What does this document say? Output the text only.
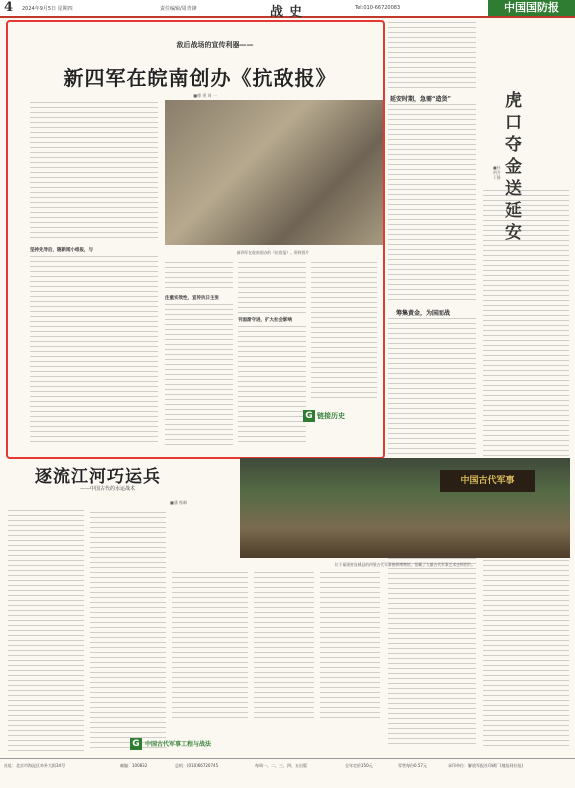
4 2024年9月5日 星期四	责任编辑/周青锋	战史	Tel:010-66720083	中国国防报
敌后战场的宣传利器——
新四军在皖南创办《抗敌报》
■傅 勇 周 一
坚持先导后，随新闻小组报，与	新四军在皖南创办的《抗敌报》。资料图片
注重实效性，宣传抗日主张
刊面渐守进，扩大社会影响
G 链接历史
延安时期，急需“造货”
筹集黄金，为国而战
虎口夺金送延安
■孙明乔 于静
逐流江河巧运兵
——中国古代的水运战术
■潘 秋琳
中国古代军事
位于福建省连城县的四堡古代军事指挥博物馆，馆藏了大量古代军事艺术史料图片。
G 中国古代军事工程与战法
社址：北京市海淀区阜外大街34号	邮编：100832	总机：(010)66720745	每周一、二、三、四、五出版	全年定价150元	零售每份0.57元	承印单位：解放军报社印刷厂(地址同社址)
